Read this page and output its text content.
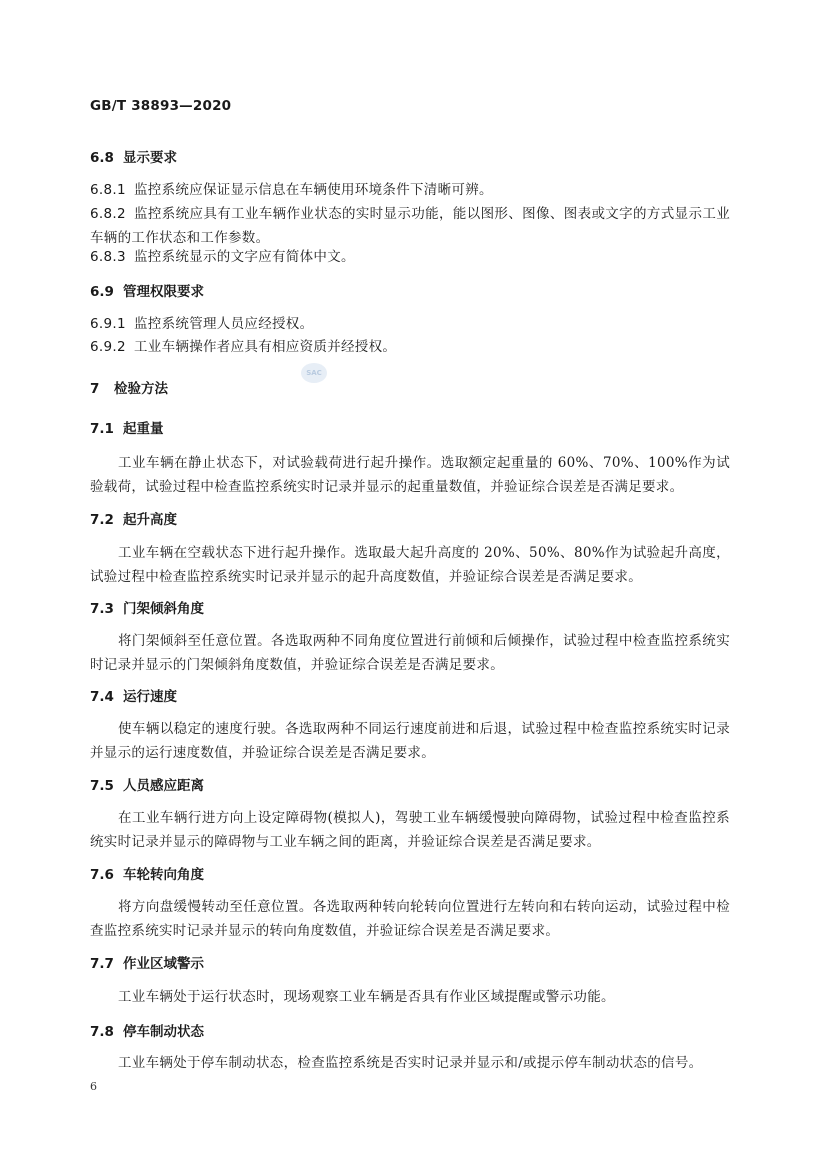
GB/T 38893—2020
6.8 显示要求
6.8.1 监控系统应保证显示信息在车辆使用环境条件下清晰可辨。
6.8.2 监控系统应具有工业车辆作业状态的实时显示功能，能以图形、图像、图表或文字的方式显示工业车辆的工作状态和工作参数。
6.8.3 监控系统显示的文字应有简体中文。
6.9 管理权限要求
6.9.1 监控系统管理人员应经授权。
6.9.2 工业车辆操作者应具有相应资质并经授权。
SAC
7 检验方法
7.1 起重量
工业车辆在静止状态下，对试验载荷进行起升操作。选取额定起重量的 60%、70%、100%作为试验载荷，试验过程中检查监控系统实时记录并显示的起重量数值，并验证综合误差是否满足要求。
7.2 起升高度
工业车辆在空载状态下进行起升操作。选取最大起升高度的 20%、50%、80%作为试验起升高度，试验过程中检查监控系统实时记录并显示的起升高度数值，并验证综合误差是否满足要求。
7.3 门架倾斜角度
将门架倾斜至任意位置。各选取两种不同角度位置进行前倾和后倾操作，试验过程中检查监控系统实时记录并显示的门架倾斜角度数值，并验证综合误差是否满足要求。
7.4 运行速度
使车辆以稳定的速度行驶。各选取两种不同运行速度前进和后退，试验过程中检查监控系统实时记录并显示的运行速度数值，并验证综合误差是否满足要求。
7.5 人员感应距离
在工业车辆行进方向上设定障碍物(模拟人)，驾驶工业车辆缓慢驶向障碍物，试验过程中检查监控系统实时记录并显示的障碍物与工业车辆之间的距离，并验证综合误差是否满足要求。
7.6 车轮转向角度
将方向盘缓慢转动至任意位置。各选取两种转向轮转向位置进行左转向和右转向运动，试验过程中检查监控系统实时记录并显示的转向角度数值，并验证综合误差是否满足要求。
7.7 作业区域警示
工业车辆处于运行状态时，现场观察工业车辆是否具有作业区域提醒或警示功能。
7.8 停车制动状态
工业车辆处于停车制动状态，检查监控系统是否实时记录并显示和/或提示停车制动状态的信号。
6
